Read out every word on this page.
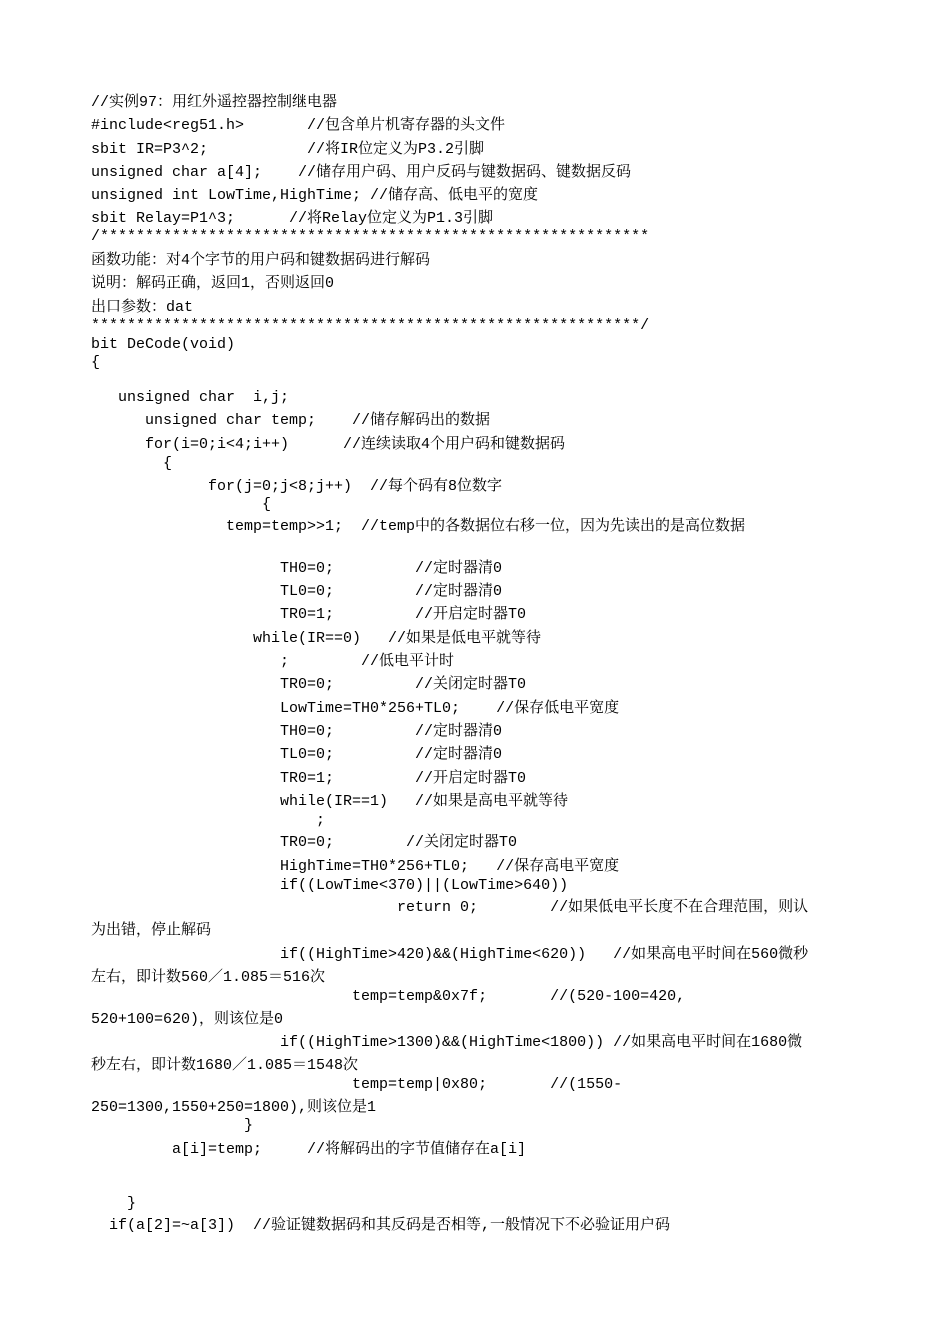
//实例97：用红外遥控器控制继电器
#include<reg51.h>       //包含单片机寄存器的头文件
sbit IR=P3^2;           //将IR位定义为P3.2引脚
unsigned char a[4];    //储存用户码、用户反码与键数据码、键数据反码
unsigned int LowTime,HighTime; //储存高、低电平的宽度
sbit Relay=P1^3;      //将Relay位定义为P1.3引脚
/*************************************************************
函数功能：对4个字节的用户码和键数据码进行解码
说明：解码正确，返回1，否则返回0
出口参数：dat
*************************************************************/
bit DeCode(void)
{
unsigned char  i,j;
unsigned char temp;    //储存解码出的数据
for(i=0;i<4;i++)      //连续读取4个用户码和键数据码
{
for(j=0;j<8;j++)  //每个码有8位数字
{
temp=temp>>1;  //temp中的各数据位右移一位，因为先读出的是高位数据
TH0=0;         //定时器清0
TL0=0;         //定时器清0
TR0=1;         //开启定时器T0
while(IR==0)   //如果是低电平就等待
;        //低电平计时
TR0=0;         //关闭定时器T0
LowTime=TH0*256+TL0;    //保存低电平宽度
TH0=0;         //定时器清0
TL0=0;         //定时器清0
TR0=1;         //开启定时器T0
while(IR==1)   //如果是高电平就等待
;
TR0=0;        //关闭定时器T0
HighTime=TH0*256+TL0;   //保存高电平宽度
if((LowTime<370)||(LowTime>640))
return 0;        //如果低电平长度不在合理范围，则认
为出错，停止解码
if((HighTime>420)&&(HighTime<620))   //如果高电平时间在560微秒
左右，即计数560／1.085＝516次
temp=temp&0x7f;       //(520-100=420,
520+100=620)，则该位是0
if((HighTime>1300)&&(HighTime<1800)) //如果高电平时间在1680微
秒左右，即计数1680／1.085＝1548次
temp=temp|0x80;       //(1550-
250=1300,1550+250=1800),则该位是1
}
a[i]=temp;     //将解码出的字节值储存在a[i]
}
if(a[2]=~a[3])  //验证键数据码和其反码是否相等,一般情况下不必验证用户码
